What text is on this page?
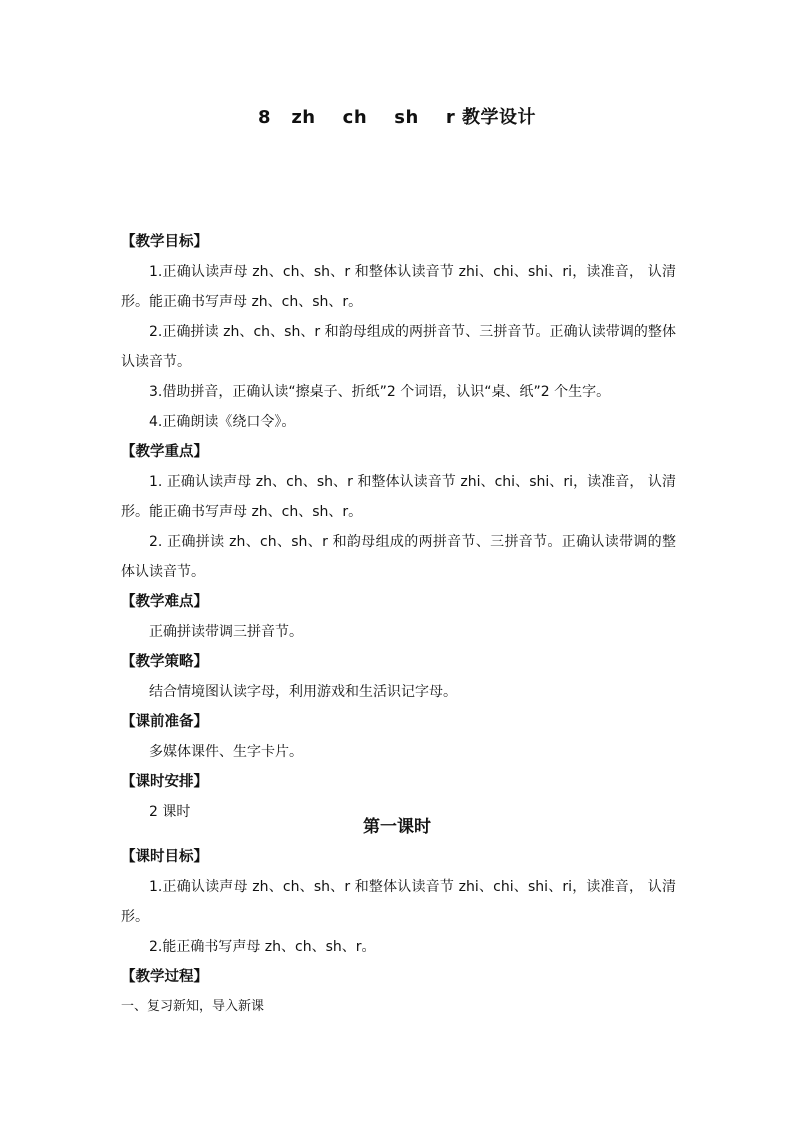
8   zh    ch    sh    r 教学设计
【教学目标】
1.正确认读声母 zh、ch、sh、r 和整体认读音节 zhi、chi、shi、ri，读准音， 认清形。能正确书写声母 zh、ch、sh、r。
2.正确拼读 zh、ch、sh、r 和韵母组成的两拼音节、三拼音节。正确认读带调的整体认读音节。
3.借助拼音，正确认读“擦桌子、折纸”2 个词语，认识“桌、纸”2 个生字。
4.正确朗读《绕口令》。
【教学重点】
1. 正确认读声母 zh、ch、sh、r 和整体认读音节 zhi、chi、shi、ri，读准音， 认清形。能正确书写声母 zh、ch、sh、r。
2. 正确拼读 zh、ch、sh、r 和韵母组成的两拼音节、三拼音节。正确认读带调的整体认读音节。
【教学难点】
正确拼读带调三拼音节。
【教学策略】
结合情境图认读字母，利用游戏和生活识记字母。
【课前准备】
多媒体课件、生字卡片。
【课时安排】
2 课时
第一课时
【课时目标】
1.正确认读声母 zh、ch、sh、r 和整体认读音节 zhi、chi、shi、ri，读准音， 认清形。
2.能正确书写声母 zh、ch、sh、r。
【教学过程】
一、复习新知，导入新课
